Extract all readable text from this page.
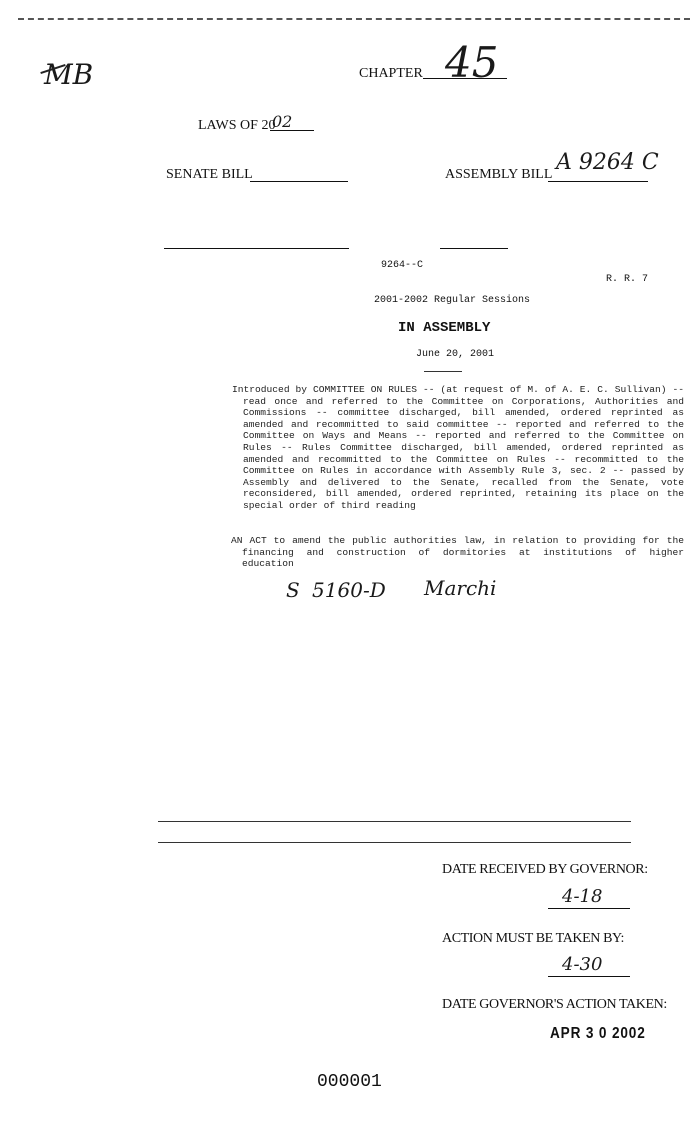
MB	CHAPTER 45
LAWS OF 20
02
SENATE BILL	ASSEMBLY BILL A 9264 C
9264--C
R. R. 7
2001-2002 Regular Sessions
IN ASSEMBLY
June 20, 2001
Introduced by COMMITTEE ON RULES -- (at request of M. of A. E. C. Sullivan) -- read once and referred to the Committee on Corporations, Authorities and Commissions -- committee discharged, bill amended, ordered reprinted as amended and recommitted to said committee -- reported and referred to the Committee on Ways and Means -- reported and referred to the Committee on Rules -- Rules Committee discharged, bill amended, ordered reprinted as amended and recommitted to the Committee on Rules -- recommitted to the Committee on Rules in accordance with Assembly Rule 3, sec. 2 -- passed by Assembly and delivered to the Senate, recalled from the Senate, vote reconsidered, bill amended, ordered reprinted, retaining its place on the special order of third reading
AN ACT to amend the public authorities law, in relation to providing for the financing and construction of dormitories at institutions of higher education
S 5160-D Marchi
DATE RECEIVED BY GOVERNOR:
4-18
ACTION MUST BE TAKEN BY:
4-30
DATE GOVERNOR'S ACTION TAKEN:
APR 3 0 2002
000001
